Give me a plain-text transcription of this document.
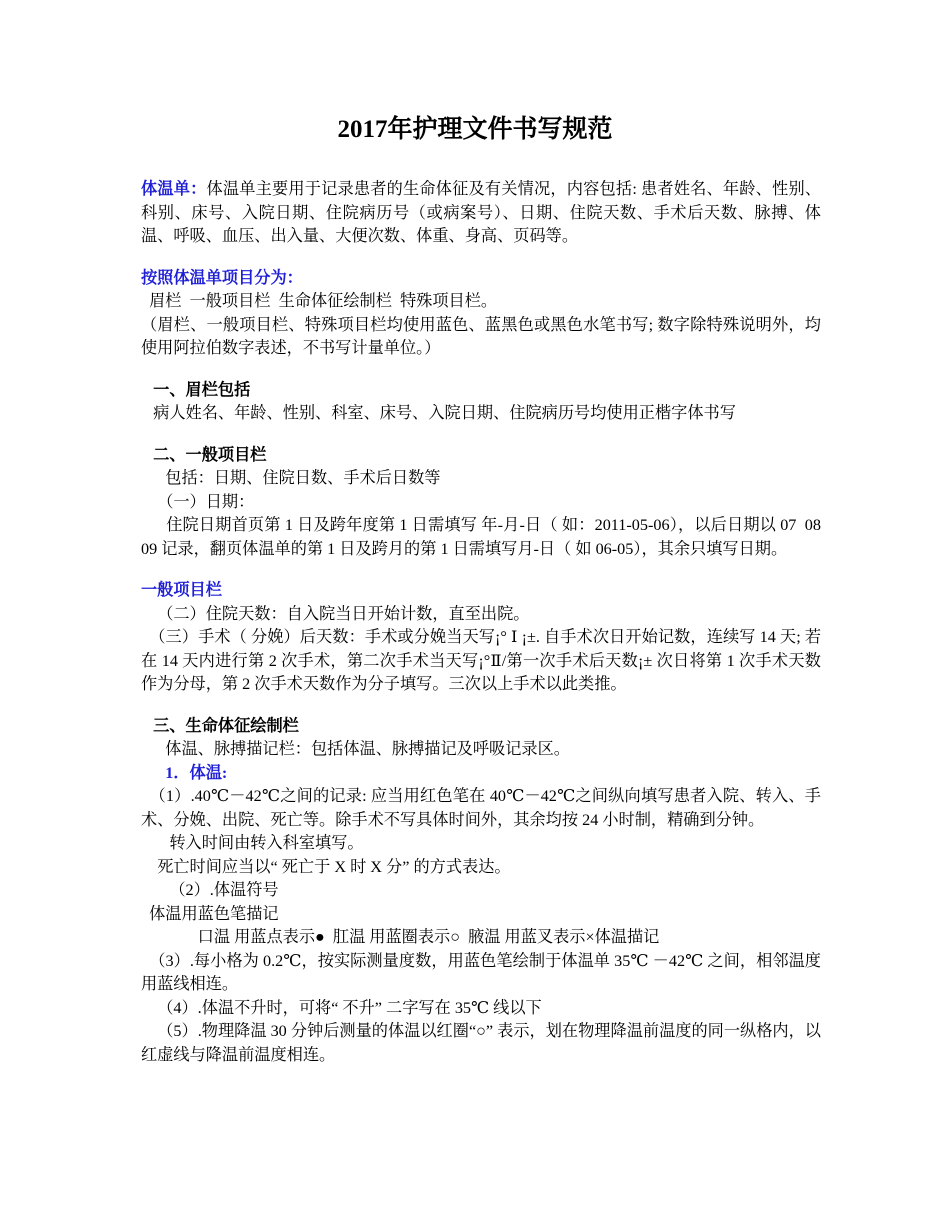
2017年护理文件书写规范

体温单：体温单主要用于记录患者的生命体征及有关情况，内容包括: 患者姓名、年龄、性别、科别、床号、入院日期、住院病历号（或病案号）、日期、住院天数、手术后天数、脉搏、体温、呼吸、血压、出入量、大便次数、体重、身高、页码等。

按照体温单项目分为：

眉栏  一般项目栏  生命体征绘制栏  特殊项目栏。

（眉栏、一般项目栏、特殊项目栏均使用蓝色、蓝黑色或黑色水笔书写; 数字除特殊说明外，均使用阿拉伯数字表述，不书写计量单位。）

一、眉栏包括

病人姓名、年龄、性别、科室、床号、入院日期、住院病历号均使用正楷字体书写

二、一般项目栏

包括：日期、住院日数、手术后日数等

（一）日期：

住院日期首页第 1 日及跨年度第 1 日需填写 年-月-日（ 如：2011-05-06），以后日期以 07  08  09 记录，翻页体温单的第 1 日及跨月的第 1 日需填写月-日（ 如 06-05），其余只填写日期。

一般项目栏

（二）住院天数：自入院当日开始计数，直至出院。

（三）手术（ 分娩）后天数：手术或分娩当天写¡° Ⅰ ¡±. 自手术次日开始记数，连续写 14 天; 若在 14 天内进行第 2 次手术，第二次手术当天写¡°Ⅱ/第一次手术后天数¡± 次日将第 1 次手术天数作为分母，第 2 次手术天数作为分子填写。三次以上手术以此类推。

三、生命体征绘制栏

体温、脉搏描记栏：包括体温、脉搏描记及呼吸记录区。

1．体温:

（1）.40℃－42℃之间的记录: 应当用红色笔在 40℃－42℃之间纵向填写患者入院、转入、手术、分娩、出院、死亡等。除手术不写具体时间外，其余均按 24 小时制，精确到分钟。

转入时间由转入科室填写。

死亡时间应当以“ 死亡于 X 时 X 分” 的方式表达。

（2）.体温符号

体温用蓝色笔描记

口温 用蓝点表示●  肛温 用蓝圈表示○  腋温 用蓝叉表示×体温描记

（3）.每小格为 0.2℃，按实际测量度数，用蓝色笔绘制于体温单 35℃ －42℃ 之间，相邻温度用蓝线相连。

（4）.体温不升时，可将“ 不升” 二字写在 35℃ 线以下

（5）.物理降温 30 分钟后测量的体温以红圈“○” 表示，划在物理降温前温度的同一纵格内，以红虚线与降温前温度相连。
